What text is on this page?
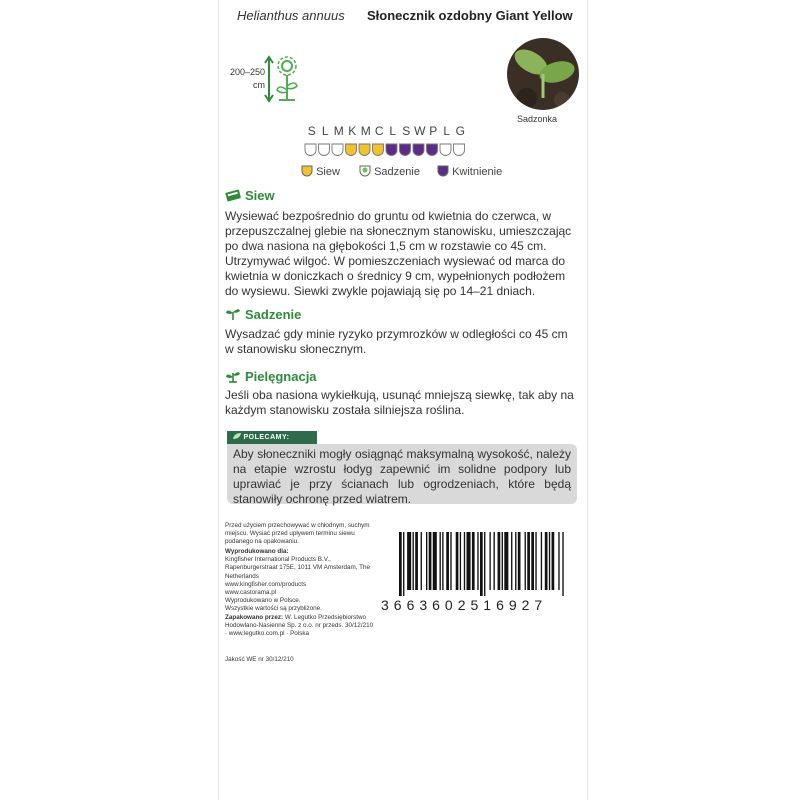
Helianthus annuus Słonecznik ozdobny Giant Yellow
200–250
cm
Sadzonka
S L M K M C L S W P L G
Siew	Sadzenie	Kwitnienie
Siew
Wysiewać bezpośrednio do gruntu od kwietnia do czerwca, w przepuszczalnej glebie na słonecznym stanowisku, umieszczając po dwa nasiona na głębokości 1,5 cm w rozstawie co 45 cm. Utrzymywać wilgoć. W pomieszczeniach wysiewać od marca do kwietnia w doniczkach o średnicy 9 cm, wypełnionych podłożem do wysiewu. Siewki zwykle pojawiają się po 14–21 dniach.
Sadzenie
Wysadzać gdy minie ryzyko przymrozków w odległości co 45 cm w stanowisku słonecznym.
Pielęgnacja
Jeśli oba nasiona wykiełkują, usunąć mniejszą siewkę, tak aby na każdym stanowisku została silniejsza roślina.
POLECAMY:

Aby słoneczniki mogły osiągnąć maksymalną wysokość, należy na etapie wzrostu łodyg zapewnić im solidne podpory lub uprawiać je przy ścianach lub ogrodzeniach, które będą stanowiły ochronę przed wiatrem.

Przed użyciem przechowywać w chłodnym, suchym miejscu. Wysiać przed upływem terminu siewu podanego na opakowaniu.
Wyprodukowano dla:
Kingfisher International Products B.V., Rapenburgerstraat 175E, 1011 VM Amsterdam, The Netherlands
www.kingfisher.com/products
www.castorama.pl
Wyprodukowano w Polsce.
Wszystkie wartości są przybliżone.
Zapakowano przez: W. Legutko Przedsiębiorstwo Hodowlano-Nasienne Sp. z o.o. nr przeds. 30/12/210 · www.legutko.com.pl · Polska
Jakość WE nr 30/12/210
3663602516927
